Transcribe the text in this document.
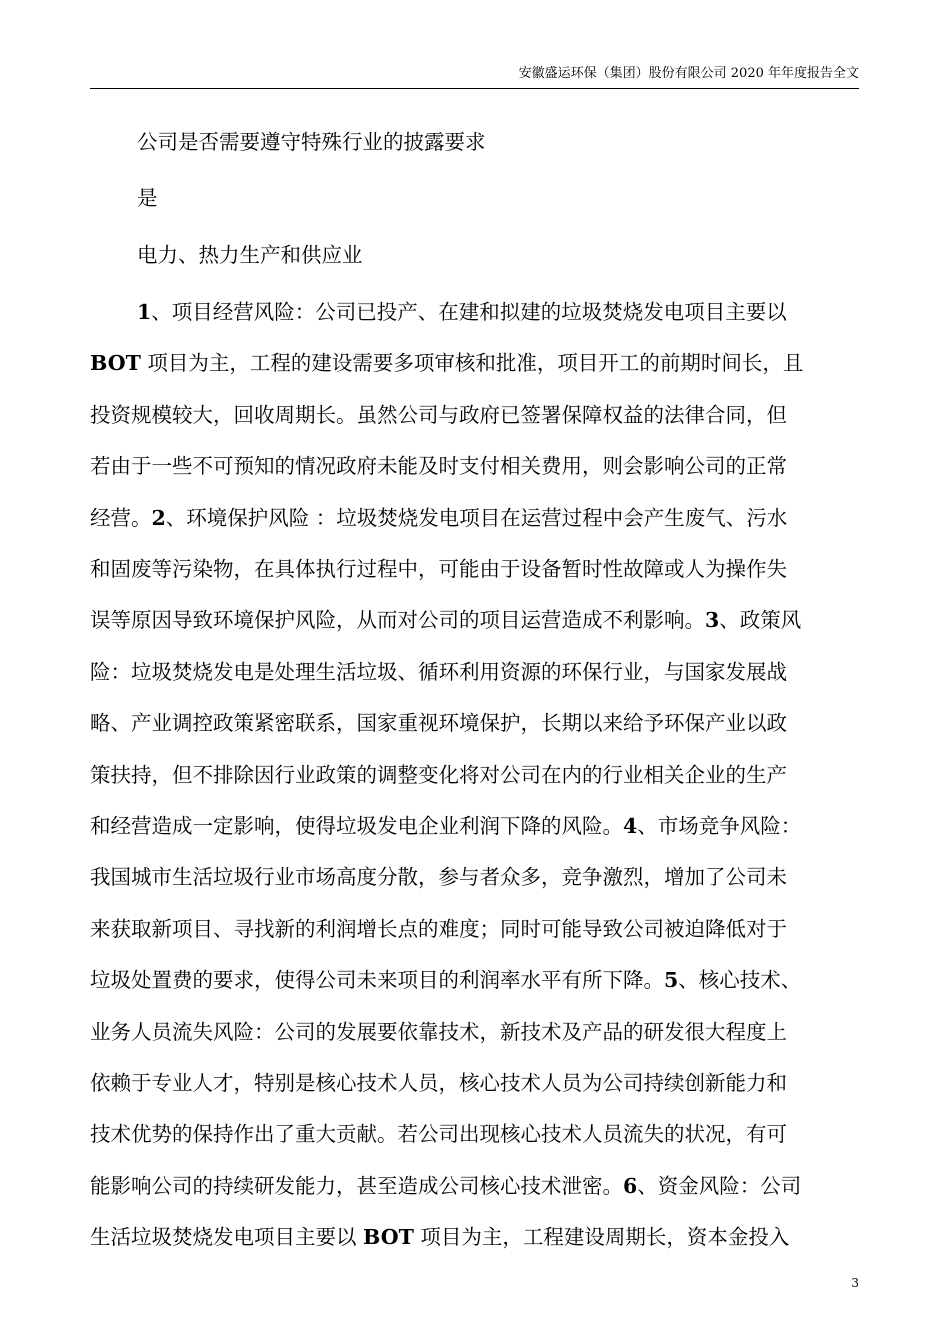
安徽盛运环保（集团）股份有限公司 2020 年年度报告全文
公司是否需要遵守特殊行业的披露要求
是
电力、热力生产和供应业
1、项目经营风险：公司已投产、在建和拟建的垃圾焚烧发电项目主要以
BOT 项目为主，工程的建设需要多项审核和批准，项目开工的前期时间长，且
投资规模较大，回收周期长。虽然公司与政府已签署保障权益的法律合同，但
若由于一些不可预知的情况政府未能及时支付相关费用，则会影响公司的正常
经营。2、环境保护风险 ：垃圾焚烧发电项目在运营过程中会产生废气、污水
和固废等污染物，在具体执行过程中，可能由于设备暂时性故障或人为操作失
误等原因导致环境保护风险，从而对公司的项目运营造成不利影响。3、政策风
险：垃圾焚烧发电是处理生活垃圾、循环利用资源的环保行业，与国家发展战
略、产业调控政策紧密联系，国家重视环境保护，长期以来给予环保产业以政
策扶持，但不排除因行业政策的调整变化将对公司在内的行业相关企业的生产
和经营造成一定影响，使得垃圾发电企业利润下降的风险。4、市场竞争风险：
我国城市生活垃圾行业市场高度分散，参与者众多，竞争激烈，增加了公司未
来获取新项目、寻找新的利润增长点的难度；同时可能导致公司被迫降低对于
垃圾处置费的要求，使得公司未来项目的利润率水平有所下降。5、核心技术、
业务人员流失风险：公司的发展要依靠技术，新技术及产品的研发很大程度上
依赖于专业人才，特别是核心技术人员，核心技术人员为公司持续创新能力和
技术优势的保持作出了重大贡献。若公司出现核心技术人员流失的状况，有可
能影响公司的持续研发能力，甚至造成公司核心技术泄密。6、资金风险：公司
生活垃圾焚烧发电项目主要以 BOT 项目为主，工程建设周期长，资本金投入
3
